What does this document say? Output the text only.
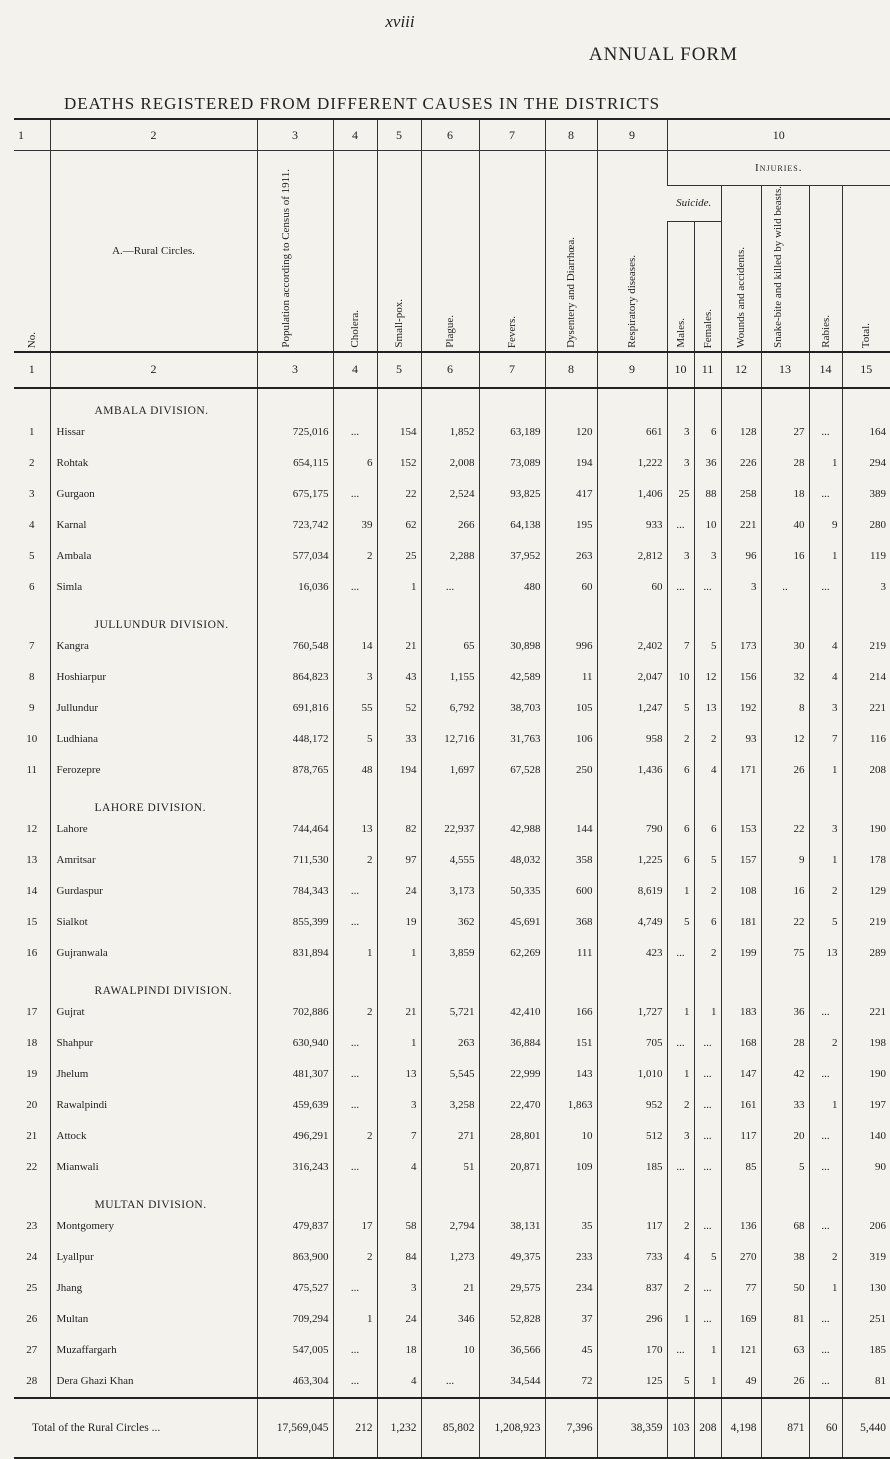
xviii
ANNUAL FORM
DEATHS REGISTERED FROM DIFFERENT CAUSES IN THE DISTRICTS
1	2	3	4	5	6	7	8	9	10					
No.	A.—Rural Circles.	Population according to Census of 1911.	Cholera.	Small-pox.	Plague.	Fevers.	Dysentery and Diarrhœa.	Respiratory diseases.	Injuries.					
									Suicide.		Wounds and accidents.	Snake-bite and killed by wild beasts.	Rabies.	Total.
									Males.	Females.				
1	2	3	4	5	6	7	8	9	10	11	12	13	14	15
	AMBALA DIVISION.													
1	Hissar	725,016	...	154	1,852	63,189	120	661	3	6	128	27	...	164
2	Rohtak	654,115	6	152	2,008	73,089	194	1,222	3	36	226	28	1	294
3	Gurgaon	675,175	...	22	2,524	93,825	417	1,406	25	88	258	18	...	389
4	Karnal	723,742	39	62	266	64,138	195	933	...	10	221	40	9	280
5	Ambala	577,034	2	25	2,288	37,952	263	2,812	3	3	96	16	1	119
6	Simla	16,036	...	1	...	480	60	60	...	...	3	..	...	3
	JULLUNDUR DIVISION.													
7	Kangra	760,548	14	21	65	30,898	996	2,402	7	5	173	30	4	219
8	Hoshiarpur	864,823	3	43	1,155	42,589	11	2,047	10	12	156	32	4	214
9	Jullundur	691,816	55	52	6,792	38,703	105	1,247	5	13	192	8	3	221
10	Ludhiana	448,172	5	33	12,716	31,763	106	958	2	2	93	12	7	116
11	Ferozepre	878,765	48	194	1,697	67,528	250	1,436	6	4	171	26	1	208
	LAHORE DIVISION.													
12	Lahore	744,464	13	82	22,937	42,988	144	790	6	6	153	22	3	190
13	Amritsar	711,530	2	97	4,555	48,032	358	1,225	6	5	157	9	1	178
14	Gurdaspur	784,343	...	24	3,173	50,335	600	8,619	1	2	108	16	2	129
15	Sialkot	855,399	...	19	362	45,691	368	4,749	5	6	181	22	5	219
16	Gujranwala	831,894	1	1	3,859	62,269	111	423	...	2	199	75	13	289
	RAWALPINDI DIVISION.													
17	Gujrat	702,886	2	21	5,721	42,410	166	1,727	1	1	183	36	...	221
18	Shahpur	630,940	...	1	263	36,884	151	705	...	...	168	28	2	198
19	Jhelum	481,307	...	13	5,545	22,999	143	1,010	1	...	147	42	...	190
20	Rawalpindi	459,639	...	3	3,258	22,470	1,863	952	2	...	161	33	1	197
21	Attock	496,291	2	7	271	28,801	10	512	3	...	117	20	...	140
22	Mianwali	316,243	...	4	51	20,871	109	185	...	...	85	5	...	90
	MULTAN DIVISION.													
23	Montgomery	479,837	17	58	2,794	38,131	35	117	2	...	136	68	...	206
24	Lyallpur	863,900	2	84	1,273	49,375	233	733	4	5	270	38	2	319
25	Jhang	475,527	...	3	21	29,575	234	837	2	...	77	50	1	130
26	Multan	709,294	1	24	346	52,828	37	296	1	...	169	81	...	251
27	Muzaffargarh	547,005	...	18	10	36,566	45	170	...	1	121	63	...	185
28	Dera Ghazi Khan	463,304	...	4	...	34,544	72	125	5	1	49	26	...	81
Total of the Rural Circles ...		17,569,045	212	1,232	85,802	1,208,923	7,396	38,359	103	208	4,198	871	60	5,440
